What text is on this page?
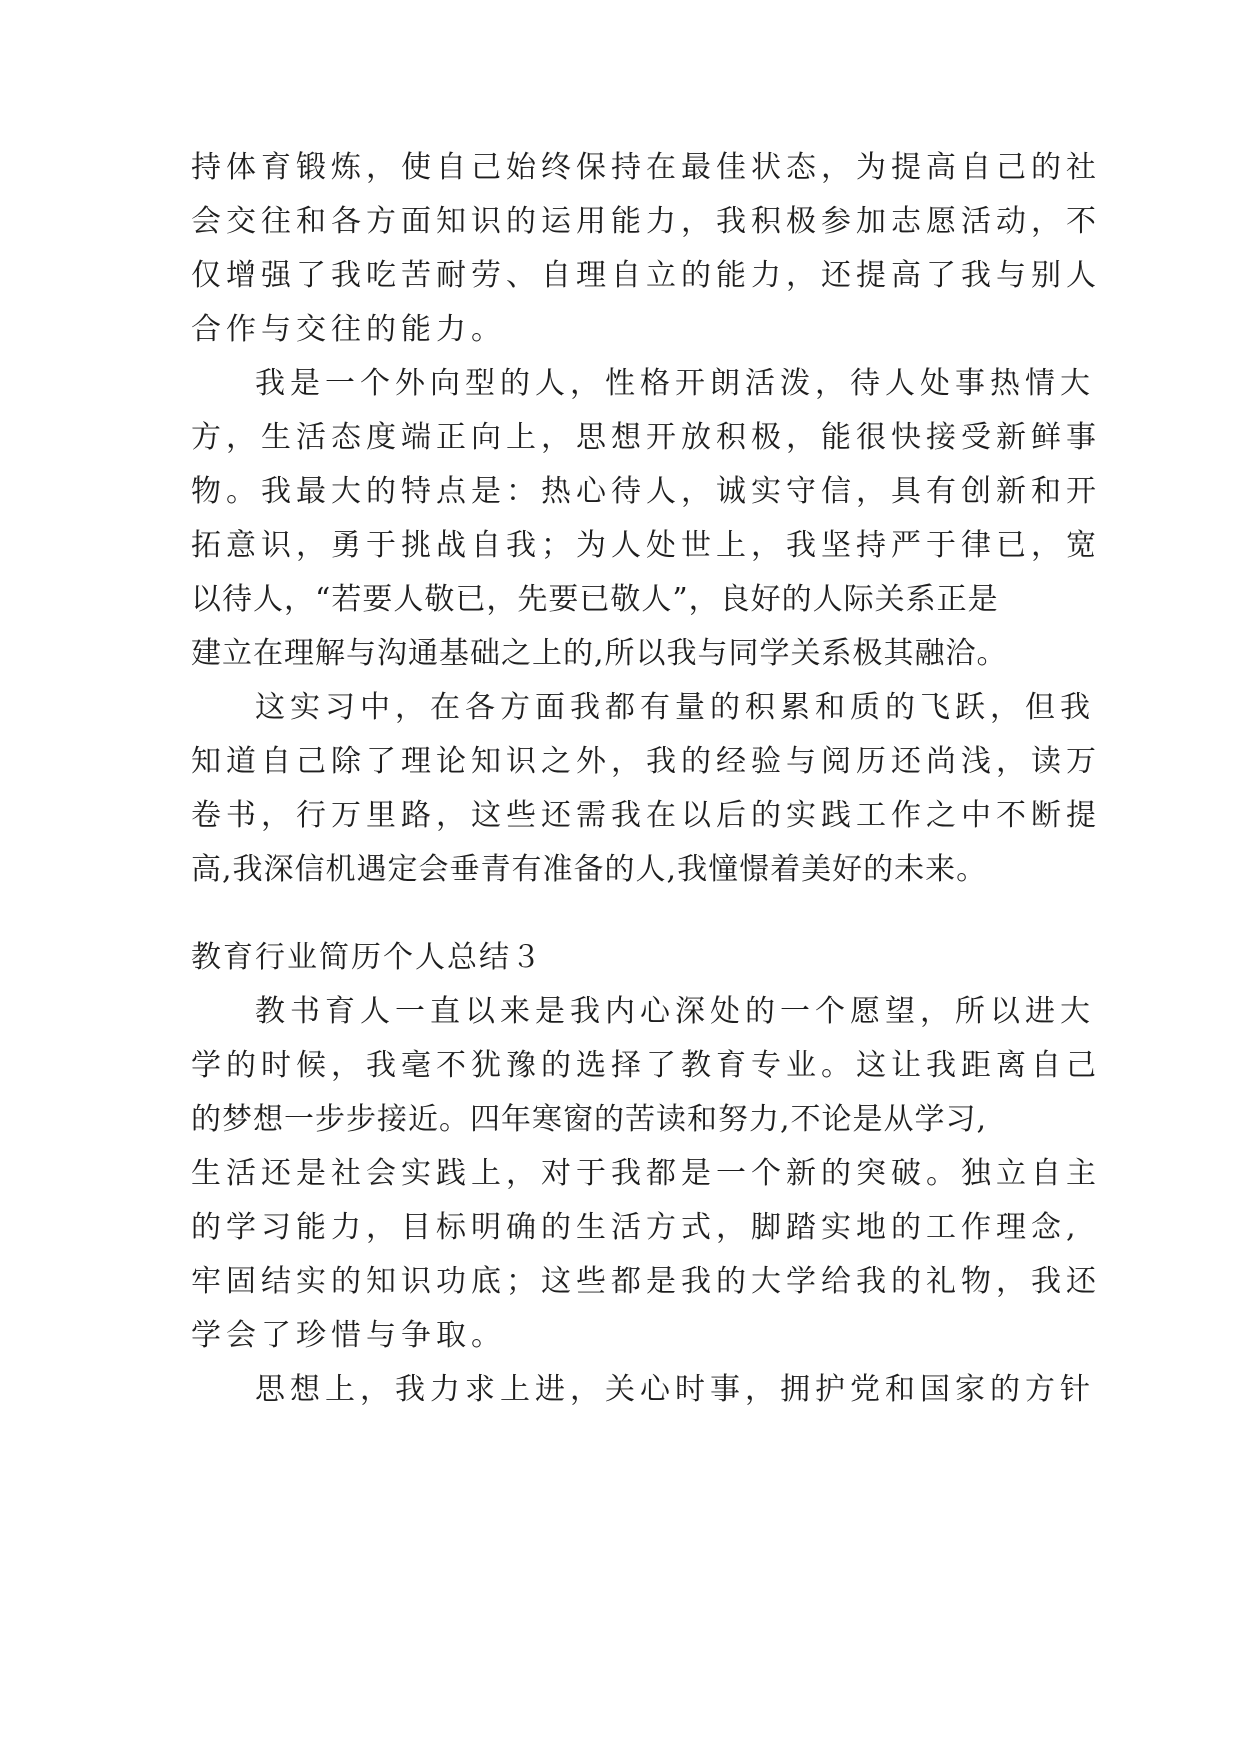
持体育锻炼，使自己始终保持在最佳状态，为提高自己的社
会交往和各方面知识的运用能力，我积极参加志愿活动，不
仅增强了我吃苦耐劳、自理自立的能力，还提高了我与别人
合作与交往的能力。
我是一个外向型的人，性格开朗活泼，待人处事热情大
方，生活态度端正向上，思想开放积极，能很快接受新鲜事
物。我最大的特点是：热心待人，诚实守信，具有创新和开
拓意识，勇于挑战自我；为人处世上，我坚持严于律已，宽
以待人，“若要人敬已，先要已敬人”，良好的人际关系正是
建立在理解与沟通基础之上的,所以我与同学关系极其融洽。
这实习中，在各方面我都有量的积累和质的飞跃，但我
知道自己除了理论知识之外，我的经验与阅历还尚浅，读万
卷书，行万里路，这些还需我在以后的实践工作之中不断提
高,我深信机遇定会垂青有准备的人,我憧憬着美好的未来。
教育行业简历个人总结３
教书育人一直以来是我内心深处的一个愿望，所以进大
学的时候，我毫不犹豫的选择了教育专业。这让我距离自己
的梦想一步步接近。四年寒窗的苦读和努力,不论是从学习,
生活还是社会实践上，对于我都是一个新的突破。独立自主
的学习能力，目标明确的生活方式，脚踏实地的工作理念,
牢固结实的知识功底；这些都是我的大学给我的礼物，我还
学会了珍惜与争取。
思想上，我力求上进，关心时事，拥护党和国家的方针
